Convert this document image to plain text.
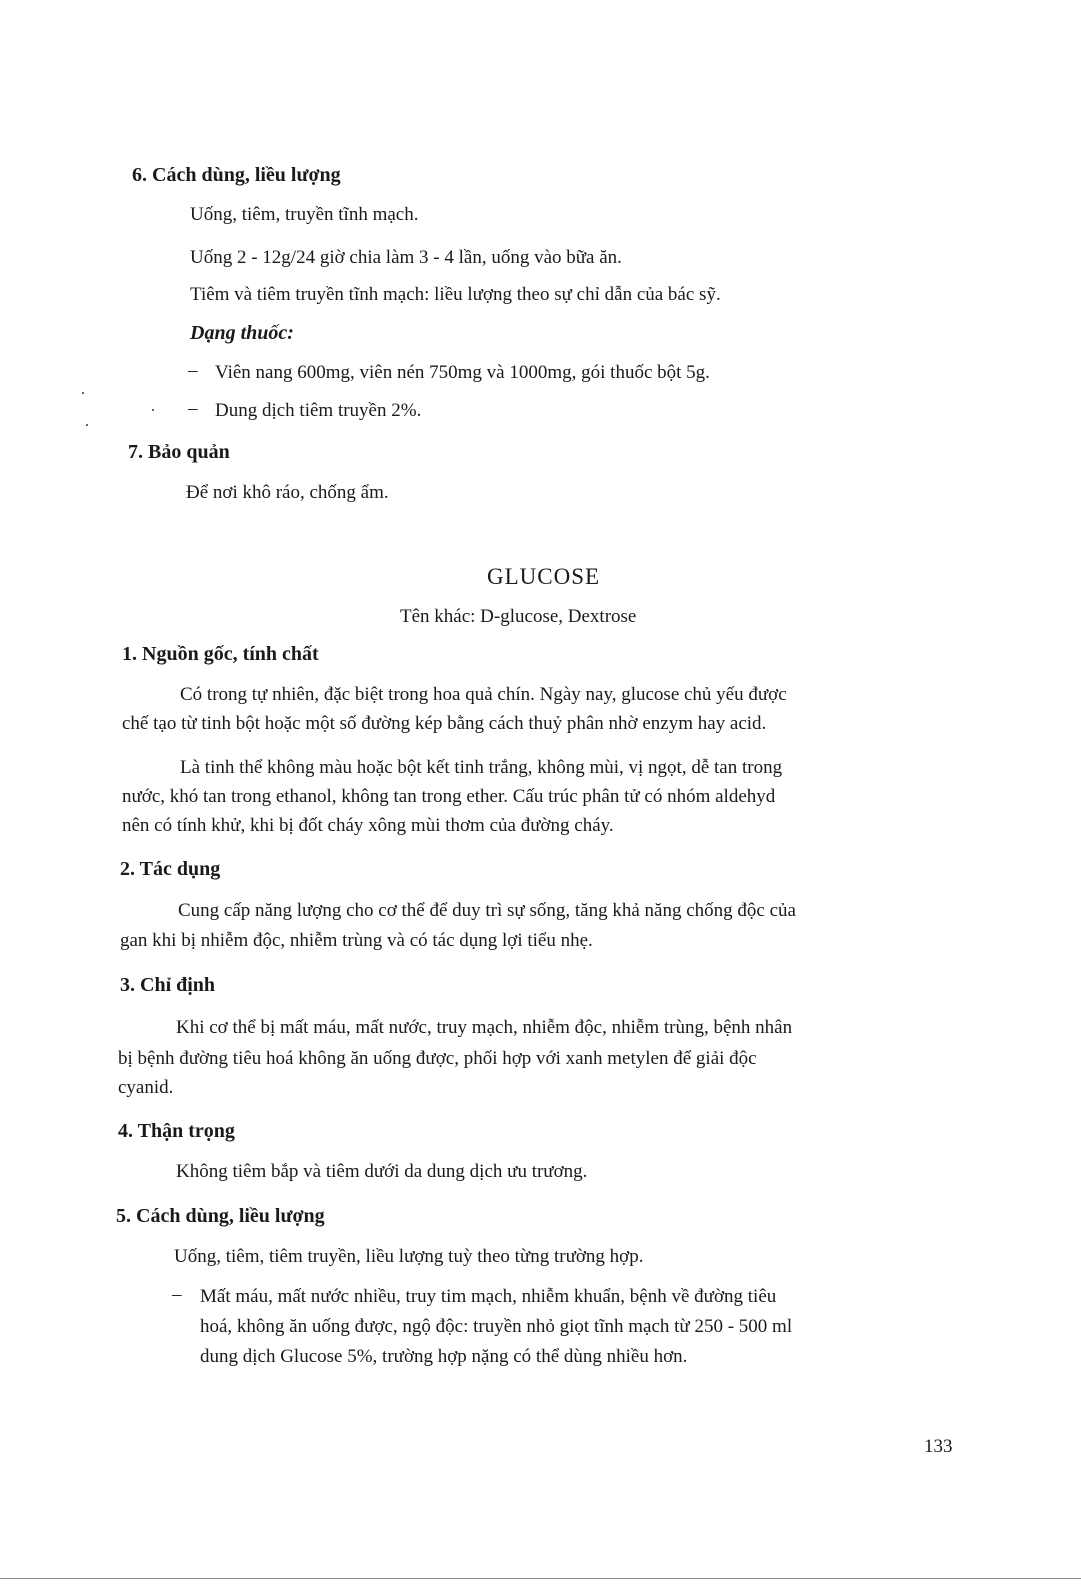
6. Cách dùng, liều lượng
Uống, tiêm, truyền tĩnh mạch.
Uống 2 - 12g/24 giờ chia làm 3 - 4 lần, uống vào bữa ăn.
Tiêm và tiêm truyền tĩnh mạch: liều lượng theo sự chỉ dẫn của bác sỹ.
Dạng thuốc:
– Viên nang 600mg, viên nén 750mg và 1000mg, gói thuốc bột 5g.
– Dung dịch tiêm truyền 2%.
7. Bảo quản
Để nơi khô ráo, chống ẩm.
GLUCOSE
Tên khác: D-glucose, Dextrose
1. Nguồn gốc, tính chất
Có trong tự nhiên, đặc biệt trong hoa quả chín. Ngày nay, glucose chủ yếu được
chế tạo từ tinh bột hoặc một số đường kép bằng cách thuỷ phân nhờ enzym hay acid.
Là tinh thể không màu hoặc bột kết tinh trắng, không mùi, vị ngọt, dễ tan trong
nước, khó tan trong ethanol, không tan trong ether. Cấu trúc phân tử có nhóm aldehyd
nên có tính khử, khi bị đốt cháy xông mùi thơm của đường cháy.
2. Tác dụng
Cung cấp năng lượng cho cơ thể để duy trì sự sống, tăng khả năng chống độc của
gan khi bị nhiễm độc, nhiễm trùng và có tác dụng lợi tiểu nhẹ.
3. Chỉ định
Khi cơ thể bị mất máu, mất nước, truy mạch, nhiễm độc, nhiễm trùng, bệnh nhân
bị bệnh đường tiêu hoá không ăn uống được, phối hợp với xanh metylen để giải độc
cyanid.
4. Thận trọng
Không tiêm bắp và tiêm dưới da dung dịch ưu trương.
5. Cách dùng, liều lượng
Uống, tiêm, tiêm truyền, liều lượng tuỳ theo từng trường hợp.
– Mất máu, mất nước nhiều, truy tim mạch, nhiễm khuẩn, bệnh về đường tiêu
hoá, không ăn uống được, ngộ độc: truyền nhỏ giọt tĩnh mạch từ 250 - 500 ml
dung dịch Glucose 5%, trường hợp nặng có thể dùng nhiều hơn.
133
